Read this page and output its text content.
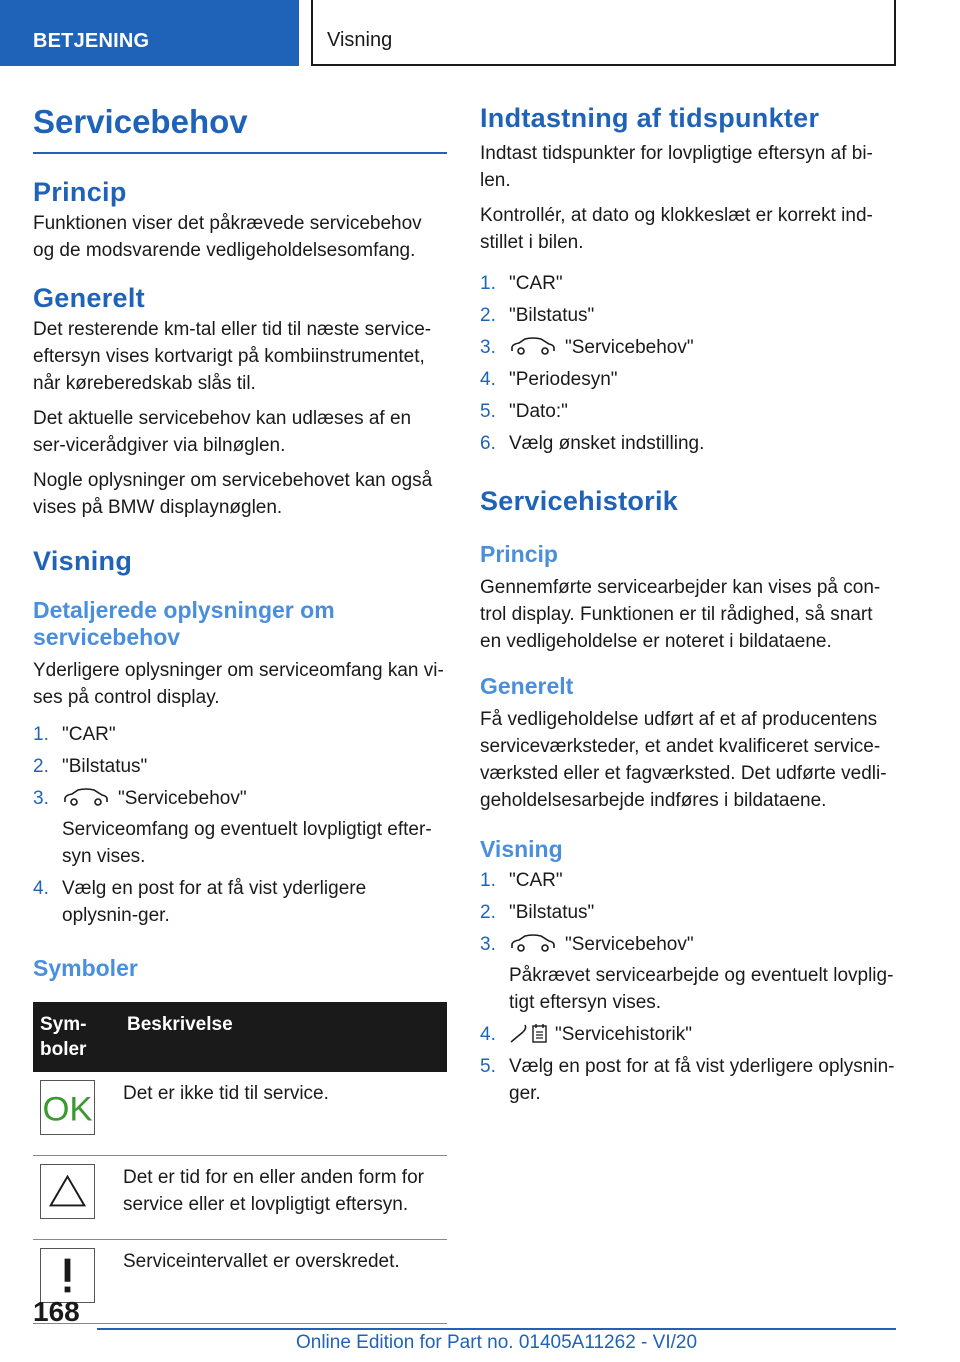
BETJENING	Visning
Servicebehov
Princip

Funktionen viser det påkrævede servicebehov og de modsvarende vedligeholdelsesomfang.

Generelt

Det resterende km-tal eller tid til næste service-eftersyn vises kortvarigt på kombiinstrumentet, når køreberedskab slås til.

Det aktuelle servicebehov kan udlæses af en ser-vicerådgiver via bilnøglen.

Nogle oplysninger om servicebehovet kan også vises på BMW displaynøglen.

Visning
Detaljerede oplysninger om servicebehov

Yderligere oplysninger om serviceomfang kan vi-ses på control display.

1. "CAR"
2. "Bilstatus"
3.	"Servicebehov"
Serviceomfang og eventuelt lovpligtigt efter-syn vises.
4. Vælg en post for at få vist yderligere oplysnin-ger.
Symboler
Sym-boler	Beskrivelse

OK	Det er ikke tid til service.

	Det er tid for en eller anden form for service eller et lovpligtigt eftersyn.

	Serviceintervallet er overskredet.
Indtastning af tidspunkter

Indtast tidspunkter for lovpligtige eftersyn af bi-len.

Kontrollér, at dato og klokkeslæt er korrekt ind-stillet i bilen.

1. "CAR"
2. "Bilstatus"
3.	"Servicebehov"
4. "Periodesyn"
5. "Dato:"
6. Vælg ønsket indstilling.
Servicehistorik
Princip

Gennemførte servicearbejder kan vises på con-trol display. Funktionen er til rådighed, så snart en vedligeholdelse er noteret i bildataene.

Generelt

Få vedligeholdelse udført af et af producentens serviceværksteder, et andet kvalificeret service-værksted eller et fagværksted. Det udførte vedli-geholdelsesarbejde indføres i bildataene.

Visning
1. "CAR"
2. "Bilstatus"
3.	"Servicebehov"
Påkrævet servicearbejde og eventuelt lovplig-tigt eftersyn vises.
4.	"Servicehistorik"
5. Vælg en post for at få vist yderligere oplysnin-ger.
168
Online Edition for Part no. 01405A11262 - VI/20
